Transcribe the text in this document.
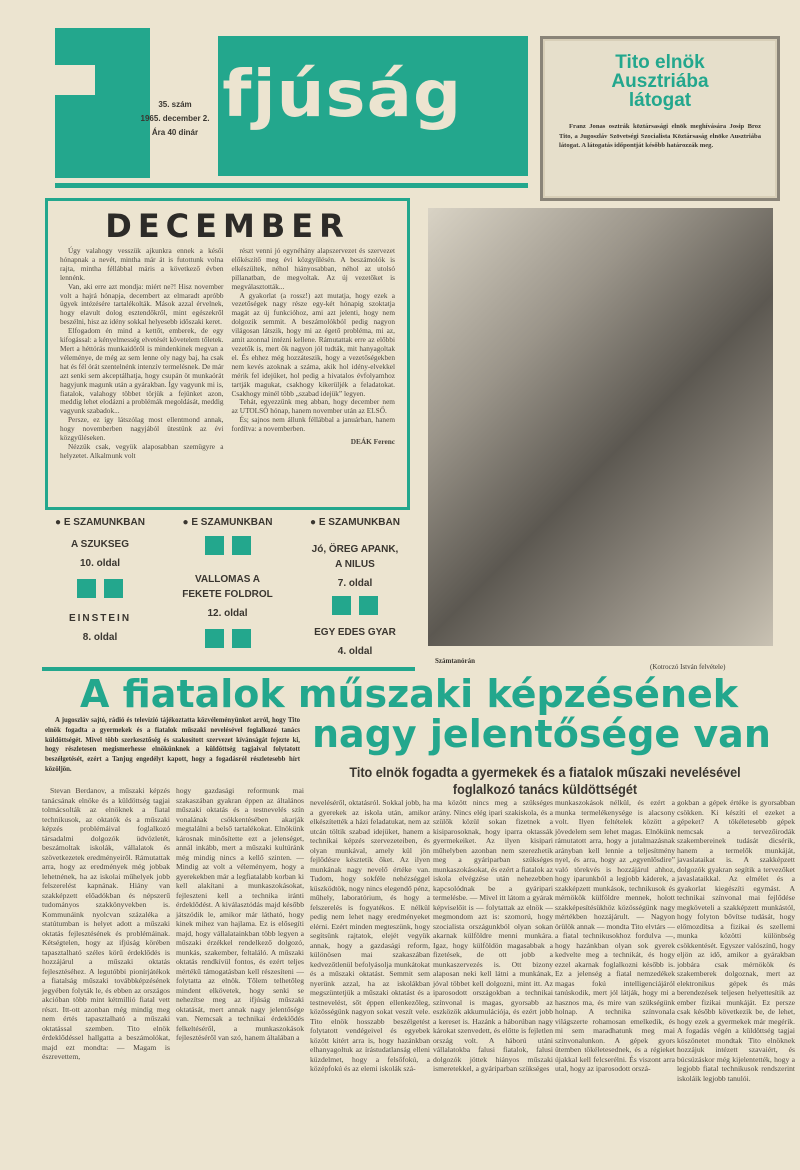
fjúság
35. szám
1965. december 2.
Ára 40 dinár
Tito elnök
Ausztriába
látogat
Franz Jonas osztrák köztársasági elnök meghívására Josip Broz Tito, a Jugoszláv Szövetségi Szocialista Köztársaság elnöke Ausztriába látogat. A látogatás időpontját később határozzák meg.
DECEMBER

Úgy valahogy vesszük ajkunkra ennek a késői hónapnak a nevét, mintha már át is futottunk volna rajta, mintha féllábbal máris a következő évben lennénk.

Van, aki erre azt mondja: miért ne?! Hisz november volt a hajrá hónapja, decembert az elmaradt apróbb ügyek intézésére tartalékolták. Mások azzal érvelnek, hogy elavult dolog esztendőkről, mint egészekről beszélni, hisz az idény sokkal helyesebb időszaki keret.

Elfogadom én mind a kettőt, emberek, de egy kifogással: a kényelmesség elvetését követelem tőletek. Mert a héttórás munkaidőről is mindenkinek megvan a véleménye, de még az sem lenne oly nagy baj, ha csak hat és fél órát szentelnénk intenzív termelésnek. De már azt senki sem akceptálhatja, hogy csupán öt munkaórát hagyjunk magunk után a gyárakban. Így vagyunk mi is, fiatalok, valahogy többet törjük a fejünket azon, meddig lehet elodázni a problémák megoldását, meddig vagyunk szabadok...

Persze, ez így látszólag most ellentmond annak, hogy novemberben nagyjából ütestünk az évi közgyűléseken.

Nézzük csak, vegyük alaposabban szemügyre a helyzetet. Alkalmunk volt

részt venni jó egynéhány alapszervezet és szervezet előkészítő meg évi közgyűlésén. A beszámolók is elkészültek, néhol hiányosabban, néhol az utolsó pillanatban, de megvoltak. Az új vezetőket is megválasztották...

A gyakorlat (a rossz!) azt mutatja, hogy ezek a vezetőségek nagy része egy-két hónapig szoktatja magát az új funkcióhoz, ami azt jelenti, hogy nem dolgozik semmit. A beszámolókból pedig nagyon világosan látszik, hogy mi az égető probléma, mi az, amit azonnal intézni kellene. Rámutattak erre az előbbi vezetők is, mert ők nagyon jól tudták, mit hanyagoltak el. És ehhez még hozzáteszik, hogy a vezetőségekben nem kevés azoknak a száma, akik hol idény-elvekkel mérik fel idejüket, hol pedig a hivatalos évfolyamhoz tartják magukat, csakhogy kikerüljék a feladatokat. Csakhogy minél több „szabad idejük” legyen.

Tehát, egyezzünk meg abban, hogy december nem az UTOLSÓ hónap, hanem november után az ELSŐ.

És; sajnos nem állunk féllábbal a januárban, hanem fordítva: a novemberben.

DEÁK Ferenc
● E SZAMUNKBAN
A SZUKSEG
10. oldal
EINSTEIN
8. oldal
● E SZAMUNKBAN
VALLOMAS A FEKETE FOLDROL
12. oldal
● E SZAMUNKBAN
Jó, ÖREG APANK, A NILUS
7. oldal
EGY EDES GYAR
4. oldal
Számtanórán
(Kotroczó István felvétele)
A fiatalok műszaki képzésének
nagy jelentősége van
A jugoszláv sajtó, rádió és televízió tájékoztatta közvéleményünket arról, hogy Tito elnök fogadta a gyermekek és a fiatalok műszaki nevelésével foglalkozó tanács küldöttségét. Mivel több szerkesztőség és szakosított szervezet kívánságát fejezte ki, hogy részletesen megismerhesse elnökünknek a küldöttség tagjaival folytatott beszélgetését, ezért a Tanjug engedélyt kapott, hogy a fogadásról részletesebb hírt közöljön.	Tito elnök fogadta a gyermekek és a fiatalok műszaki nevelésével foglalkozó tanács küldöttségét
Stevan Berdanov, a műszaki képzés tanácsának elnöke és a küldöttség tagjai tolmácsolták az elnöknek a fiatal technikusok, az oktatók és a műszaki képzés problémáival foglalkozó társadalmi dolgozók üdvözletét, beszámoltak iskolák, vállalatok és szövetkezetek eredményeiről. Rámutattak arra, hogy az eredmények még jobbak lehetnének, ha az iskolai műhelyek jobb felszerelést kapnának. Hiány van szakképzett előadókban és népszerű tudományos szakkönyvekben is. Kommunáink nyolcvan százaléka a statútumban is helyet adott a műszaki oktatás fejlesztésének és problémáinak. Kétségtelen, hogy az ifjúság körében tapasztalható széles körű érdeklődés is hozzájárul a műszaki oktatás fejlesztéséhez. A legutóbbi pionírjátékok a fiatalság műszaki továbbképzésének jegyében folyták le, és ebben az országos akcióban több mint kétmillió fiatal vett részt. Itt-ott azonban még mindig meg nem értés tapasztalható a műszaki oktatással szemben. Tito elnök érdeklődéssel hallgatta a beszámolókat, majd ezt mondta: — Magam is észrevettem,
hogy gazdasági reformunk mai szakaszában gyakran éppen az általános műszaki oktatás és a testnevelés szín vonalának csökkentésében akarják megtalálni a belső tartalékokat. Elnökünk károsnak minősítette ezt a jelenséget, annál inkább, mert a műszaki kultúránk még mindig nincs a kellő szinten. — Mindig az volt a véleményem, hogy a gyerekekben már a legfiatalabb korban ki kell alakítani a munkaszokásokat, fejleszteni kell a technika iránti érdeklődést. A kiválasztódás majd később játszódik le, amikor már látható, hogy kinek mihez van hajlama. Ez is elősegíti majd, hogy vállalatainkban több legyen a műszaki érzékkel rendelkező dolgozó, munkás, szakember, feltaláló. A műszaki oktatás rendkívül fontos, és ezért teljes mértékű támogatásban kell részesíteni — folytatta az elnök. Tőlem telhetőleg mindent elkövetek, hogy senki se nehezítse meg az ifjúság műszaki oktatását, mert annak nagy jelentősége van. Nemcsak a technikai érdeklődés felkeltéséről, a munkaszokások fejlesztéséről van szó, hanem általában a
neveléséről, oktatásról. Sokkal jobb, ha a gyerekek az iskola után, amikor elkészítették a házi feladatukat, nem az utcán töltik szabad idejüket, hanem a technikai képzés szervezeteiben, és olyan munkával, amely kül jön fejlődésre késztetik őket. Az ilyen munkának nagy nevelő értéke van. Tudom, hogy sokféle nehézséggel küszködtök, nogy nincs elegendő pénz, műhely, laboratórium, és hogy a felszerelés is fogyatékos. E nélkül pedig nem lehet nagy eredményeket elérni. Ezért minden megteszünk, hogy segítsünk rajtatok, elejét vegyük annak, hogy a gazdasági reform, különösen mai szakaszában kedvezőtlenül befolyásolja munkátokat és a műszaki oktatást. Semmit sem nyerünk azzal, ha az iskolákban megszüntetjük a műszaki oktatást és a testnevelést, sőt éppen ellenkezőleg, közösségünk nagyon sokat veszít vele. Tito elnök hosszabb beszélgetést folytatott vendégeivel és egyebek között kitért arra is, hogy hazánkban elhanyagoltuk az írástudatlanság elleni küzdelmet, hogy a felsőfokú, a középfokú és az elemi iskolák szá-
ma között nincs meg a szükséges arány. Nincs elég ipari szakiskola, és a szülők közül sokan fizetnek a kisiparosoknak, hogy iparra oktassák gyermekeiket. Az ilyen kisipari műhelyben azonban nem szerezhetik meg a gyáriparban szükséges munkaszokásokat, és ezért a fiatalok az iskola elvégzése után nehezebben kapcsolódnak be a gyáripari termelésbe. — Mivel itt látom a gyárak képviselőit is — folytattak az elnök — megmondom azt is: szomorú, hogy szocialista országunkból olyan sokan akarnak külföldre menni munkára. Igaz, hogy külföldön magasabbak a fizetések, de ott jobb a munkaszervezés is. Ott bizony alaposan neki kell látni a munkának, jóval többet kell dolgozni, mint itt. Az iparosodott országokban a technikai színvonal is magas, gyorsabb az eszközök akkumulációja, és ezért jobb a kereset is. Hazánk a háborúban nagy károkat szenvedett, és előtte is fejletlen ország volt. A háború utáni vállalatokba falusi fiatalok, falusi dolgozók jöttek hiányos műszaki ismeretekkel, a gyáriparban szükséges
munkaszokások nélkül, és ezért a munka termelékenysége is alacsony volt. Ilyen feltételek között a jövedelem sem lehet magas. Elnökünk rámutatott arra, hogy a jutalmazásnak arányban kell lennie a teljesítmény nyel, és arra, hogy az „egyenlősdire” való törekvés is hozzájárul ahhoz, hogy iparunkból a legjobb káderek, a szakképzett munkások, technikusok és mérnökök külföldre mennek, holott szakképesítésükhöz közösségünk nagy mértékben hozzájárult. — Nagyon örülök annak — mondta Tito elvtárs — a fiatal technikusokhoz fordulva —, hogy hazánkban olyan sok gyerek kedvelte meg a technikát, és hogy ezzel akarnak foglalkozni később is. Ez a jelenség a fiatal nemzedékek magas fokú intelligenciájáról tanúskodik, mert jól látják, hogy mi a hasznos ma, és mire van szükségünk holnap. A technika színvonala világszerte rohamosan emelkedik, és mi sem maradhatunk meg mai színvonalunkon. A gépek gyors ütemben tökéletesednek, és a régieket újakkal kell felcserélni. És viszont arra utal, hogy az iparosodott orszá-
gokban a gépek értéke is gyorsabban csökken. Ki készíti el ezeket a gépeket? A tökéletesebb gépek nemcsak a tervezőirodák szakembereinek tudását dicsérik, hanem a termelők munkáját, javaslataikat is. A szakképzett dolgozók gyakran segítik a tervezőket javaslataikkal. Az elmélet és a gyakorlat kiegészíti egymást. A technikai színvonal mai fejlődése megköveteli a szakképzett munkástól, hogy folyton bővítse tudását, hogy előmozdítsa a fizikai és szellemi munka közötti különbség csökkentését. Egyszer valószínű, hogy eljön az idő, amikor a gyárakban jobbára csak mérnökök és szakemberek dolgoznak, mert az elektronikus gépek és más berendezések teljesen helyettesítik az ember fizikai munkáját. Ez persze csak később következik be, de lehet, hogy ezek a gyermekek már megérik. A fogadás végén a küldöttség tagjai köszönetet mondtak Tito elnöknek hozzájuk intézett szavaiért, és búcsúzáskor még kijelentették, hogy a legjobb fiatal technikusok rendszerint iskoláik legjobb tanulói.
